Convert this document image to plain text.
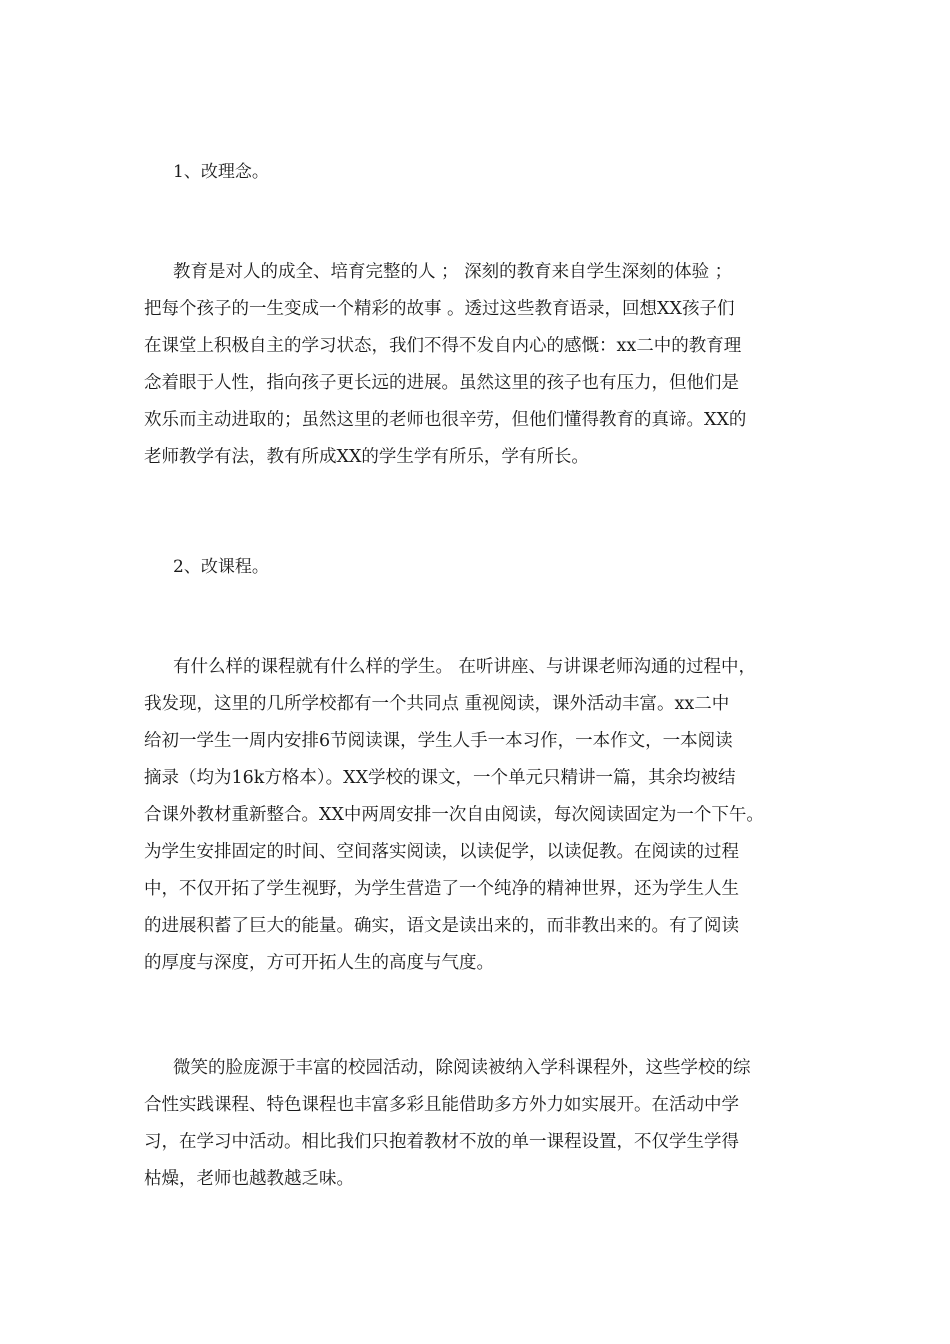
1、改理念。
教育是对人的成全、培育完整的人 ； 深刻的教育来自学生深刻的体验 ；
把每个孩子的一生变成一个精彩的故事 。透过这些教育语录，回想XX孩子们
在课堂上积极自主的学习状态，我们不得不发自内心的感慨：xx二中的教育理
念着眼于人性，指向孩子更长远的进展。虽然这里的孩子也有压力，但他们是
欢乐而主动进取的；虽然这里的老师也很辛劳，但他们懂得教育的真谛。XX的
老师教学有法，教有所成XX的学生学有所乐，学有所长。
2、改课程。
有什么样的课程就有什么样的学生。 在听讲座、与讲课老师沟通的过程中，
我发现，这里的几所学校都有一个共同点 重视阅读，课外活动丰富。xx二中
给初一学生一周内安排6节阅读课，学生人手一本习作，一本作文，一本阅读
摘录（均为16k方格本）。XX学校的课文，一个单元只精讲一篇，其余均被结
合课外教材重新整合。XX中两周安排一次自由阅读，每次阅读固定为一个下午。
为学生安排固定的时间、空间落实阅读，以读促学，以读促教。在阅读的过程
中，不仅开拓了学生视野，为学生营造了一个纯净的精神世界，还为学生人生
的进展积蓄了巨大的能量。确实，语文是读出来的，而非教出来的。有了阅读
的厚度与深度，方可开拓人生的高度与气度。
微笑的脸庞源于丰富的校园活动，除阅读被纳入学科课程外，这些学校的综
合性实践课程、特色课程也丰富多彩且能借助多方外力如实展开。在活动中学
习，在学习中活动。相比我们只抱着教材不放的单一课程设置，不仅学生学得
枯燥，老师也越教越乏味。
